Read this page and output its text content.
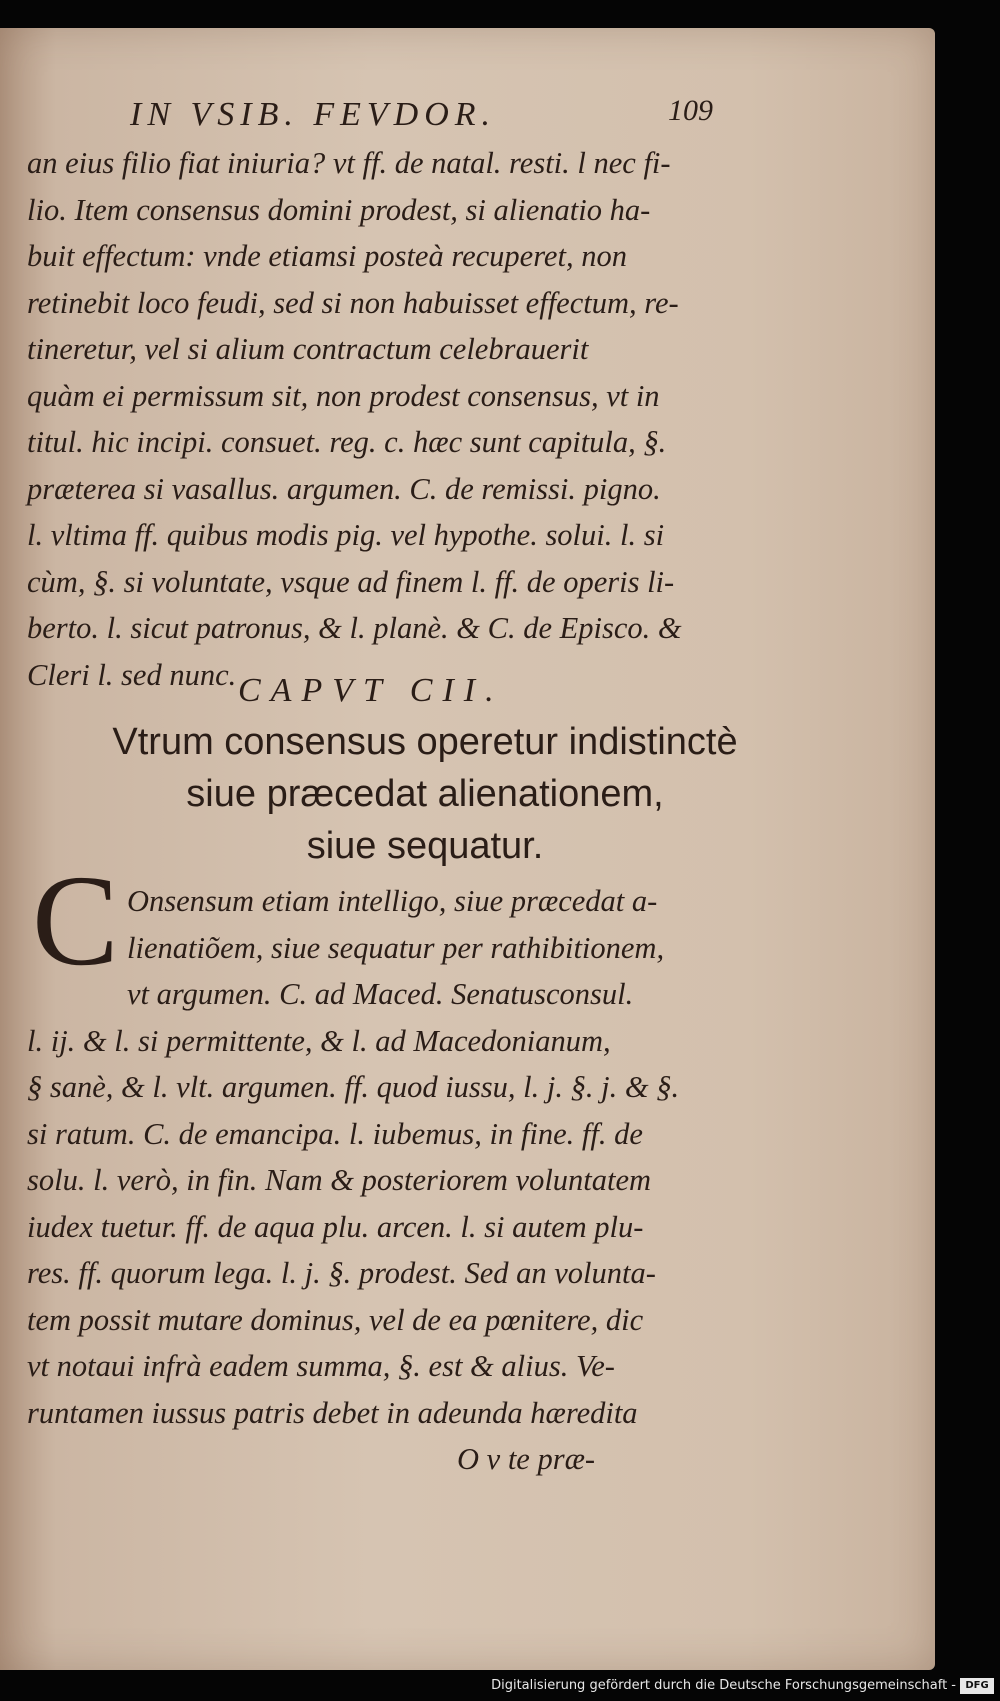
IN VSIB. FEVDOR.	109
an eius filio fiat iniuria? vt ff. de natal. resti. l nec fi-
lio. Item consensus domini prodest, si alienatio ha-
buit effectum: vnde etiamsi posteà recuperet, non
retinebit loco feudi, sed si non habuisset effectum, re-
tineretur, vel si alium contractum celebrauerit
quàm ei permissum sit, non prodest consensus, vt in
titul. hic incipi. consuet. reg. c. hæc sunt capitula, §.
præterea si vasallus. argumen. C. de remissi. pigno.
l. vltima ff. quibus modis pig. vel hypothe. solui. l. si
cùm, §. si voluntate, vsque ad finem l. ff. de operis li-
berto. l. sicut patronus, & l. planè. & C. de Episco. &
Cleri l. sed nunc. CAPVT CII.
Vtrum consensus operetur indistinctè
siue præcedat alienationem,
siue sequatur.
C Onsensum etiam intelligo, siue præcedat a-
lienatiõem, siue sequatur per rathibitionem,
vt argumen. C. ad Maced. Senatusconsul.
l. ij. & l. si permittente, & l. ad Macedonianum,
§ sanè, & l. vlt. argumen. ff. quod iussu, l. j. §. j. & §.
si ratum. C. de emancipa. l. iubemus, in fine. ff. de
solu. l. verò, in fin. Nam & posteriorem voluntatem
iudex tuetur. ff. de aqua plu. arcen. l. si autem plu-
res. ff. quorum lega. l. j. §. prodest. Sed an volunta-
tem possit mutare dominus, vel de ea pœnitere, dic
vt notaui infrà eadem summa, §. est & alius. Ve-
runtamen iussus patris debet in adeunda hæredita
O v te præ-
Digitalisierung gefördert durch die Deutsche Forschungsgemeinschaft - DFG
